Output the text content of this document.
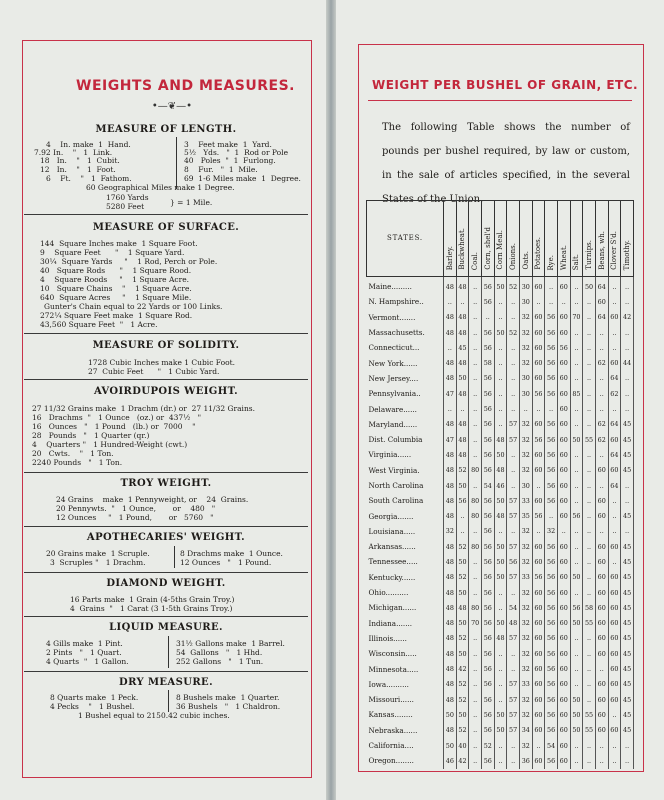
WEIGHTS AND MEASURES.
•—❦—•
MEASURE OF LENGTH.
4    In. make  1  Hand.
7.92 In.    "   1  Link.
18   In.    "   1  Cubit.
12   In.    "   1  Foot.
6    Ft.    "   1  Fathom.
3    Feet make  1  Yard.
5½   Yds.   "  1  Rod or Pole
40   Poles  "  1  Furlong.
8    Fur.   "  1  Mile.
69  1-6 Miles make  1  Degree.
60 Geographical Miles make 1 Degree.
1760 Yards
5280 Feet	} = 1 Mile.
MEASURE OF SURFACE.
144  Square Inches make  1 Square Foot.
9    Square Feet      "    1 Square Yard.
30¼  Square Yards     "    1 Rod, Perch or Pole.
40   Square Rods      "    1 Square Rood.
4    Square Roods     "    1 Square Acre.
10   Square Chains    "    1 Square Acre.
640  Square Acres     "    1 Square Mile.
Gunter's Chain equal to 22 Yards or 100 Links.
272¼ Square Feet make  1 Square Rod.
43,560 Square Feet  "   1 Acre.
MEASURE OF SOLIDITY.
1728 Cubic Inches make 1 Cubic Foot.
27  Cubic Feet      "   1 Cubic Yard.
AVOIRDUPOIS WEIGHT.
27 11/32 Grains make  1 Drachm (dr.) or  27 11/32 Grains.
16   Drachms  "   1 Ounce   (oz.) or  437½   "
16   Ounces   "   1 Pound   (lb.) or  7000    "
28   Pounds   "   1 Quarter (qr.)
4    Quarters "   1 Hundred-Weight (cwt.)
20   Cwts.    "   1 Ton.
2240 Pounds   "   1 Ton.
TROY WEIGHT.
24 Grains    make  1 Pennyweight, or    24  Grains.
20 Pennywts.  "   1 Ounce,       or    480   "
12 Ounces     "   1 Pound,       or   5760   "
APOTHECARIES' WEIGHT.
20 Grains make  1 Scruple.
3  Scruples "   1 Drachm.
8 Drachms make  1 Ounce.
12 Ounces   "   1 Pound.
DIAMOND WEIGHT.
16 Parts make  1 Grain (4-5ths Grain Troy.)
4  Grains  "   1 Carat (3 1-5th Grains Troy.)
LIQUID MEASURE.
4 Gills make  1 Pint.
2 Pints   "   1 Quart.
4 Quarts  "   1 Gallon.
31½ Gallons make  1 Barrel.
54  Gallons   "   1 Hhd.
252 Gallons   "   1 Tun.
DRY MEASURE.
8 Quarts make  1 Peck.
4 Pecks    "   1 Bushel.
8 Bushels make  1 Quarter.
36 Bushels   "   1 Chaldron.
1 Bushel equal to 2150.42 cubic inches.
WEIGHT PER BUSHEL OF GRAIN, ETC.
The following Table shows the number of pounds per bushel required, by law or custom, in the sale of articles specified, in the several
STATES.	Barley.	Buckwheat.	Coal.	Corn, shel'd	Corn Meal.	Onions.	Oats.	Potatoes.	Rye.	Wheat.	Salt.	Turnips.	Beans, wh.	Clover S'd.	Timothy.
Maine.........	48	48	..	56	50	52	30	60	..	60	..	50	64	..	..
N. Hampshire..	..	..	..	56	..	..	30	..	..	..	..	..	60	..	..
Vermont.......	48	48	..	..	..	..	32	60	56	60	70	..	64	60	42
Massachusetts.	48	48	..	56	50	52	32	60	56	60	..	..	..	..	..
Connecticut...	..	45	..	56	..	..	32	60	56	56	..	..	..	..	..
New York......	48	48	..	58	..	..	32	60	56	60	..	..	62	60	44
New Jersey....	48	50	..	56	..	..	30	60	56	60	..	..	..	64	..
Pennsylvania..	47	48	..	56	..	..	30	56	56	60	85	..	..	62	..
Delaware......	..	..	..	56	..	..	..	..	..	60	..	..	..	..	..
Maryland......	48	48	..	56	..	57	32	60	56	60	..	..	62	64	45
Dist. Columbia	47	48	..	56	48	57	32	56	56	60	50	55	62	60	45
Virginia......	48	48	..	56	50	..	32	60	56	60	..	..	..	64	45
West Virginia.	48	52	80	56	48	..	32	60	56	60	..	..	60	60	45
North Carolina	48	50	..	54	46	..	30	..	56	60	..	..	..	64	..
South Carolina	48	56	80	56	50	57	33	60	56	60	..	..	60	..	..
Georgia.......	48	..	80	56	48	57	35	56	..	60	56	..	60	..	45
Louisiana.....	32	..	..	56	..	..	32	..	32	..	..	..	..	..	..
Arkansas......	48	52	80	56	50	57	32	60	56	60	..	..	60	60	45
Tennessee.....	48	50	..	56	50	56	32	60	56	60	..	..	60	..	45
Kentucky......	48	52	..	56	50	57	33	56	56	60	50	..	60	60	45
Ohio..........	48	50	..	56	..	..	32	60	56	60	..	..	60	60	45
Michigan......	48	48	80	56	..	54	32	60	56	60	56	58	60	60	45
Indiana.......	48	50	70	56	50	48	32	60	56	60	50	55	60	60	45
Illinois......	48	52	..	56	48	57	32	60	56	60	..	..	60	60	45
Wisconsin.....	48	50	..	56	..	..	32	60	56	60	..	..	60	60	45
Minnesota.....	48	42	..	56	..	..	32	60	56	60	..	..	..	60	45
Iowa..........	48	52	..	56	..	57	33	60	56	60	..	..	60	60	45
Missouri......	48	52	..	56	..	57	32	60	56	60	50	..	60	60	45
Kansas........	50	50	..	56	50	57	32	60	56	60	50	55	60	..	45
Nebraska......	48	52	..	56	50	57	34	60	56	60	50	55	60	60	45
California....	50	40	..	52	..	..	32	..	54	60	..	..	..	..	..
Oregon........	46	42	..	56	..	..	36	60	56	60	..	..	..	..	..
